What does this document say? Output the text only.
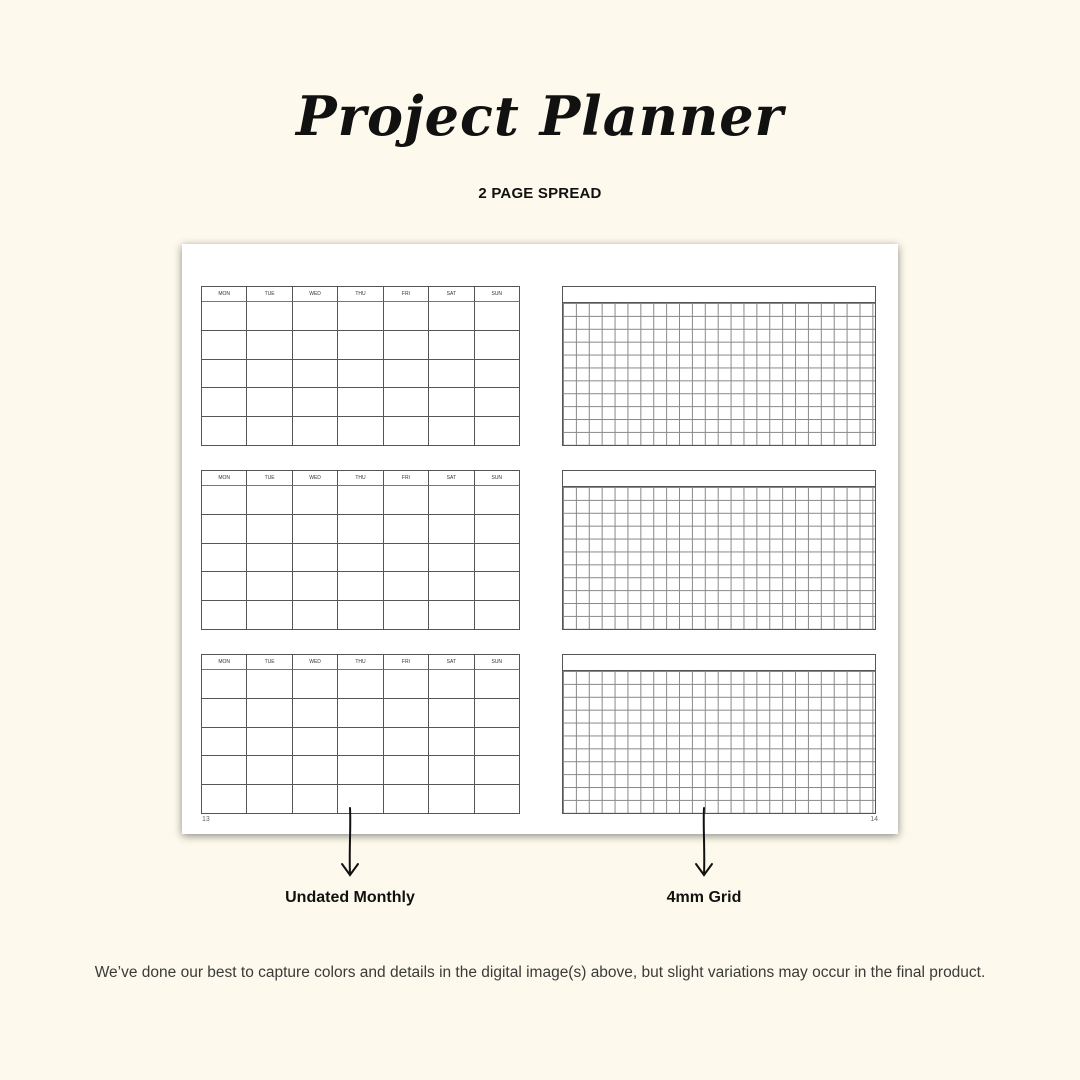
Project Planner
2 PAGE SPREAD
MON	TUE	WED	THU	FRI	SAT	SUN
MON	TUE	WED	THU	FRI	SAT	SUN
MON	TUE	WED	THU	FRI	SAT	SUN
13	14
Undated Monthly	4mm Grid
We’ve done our best to capture colors and details in the digital image(s) above, but slight variations may occur in the final product.
